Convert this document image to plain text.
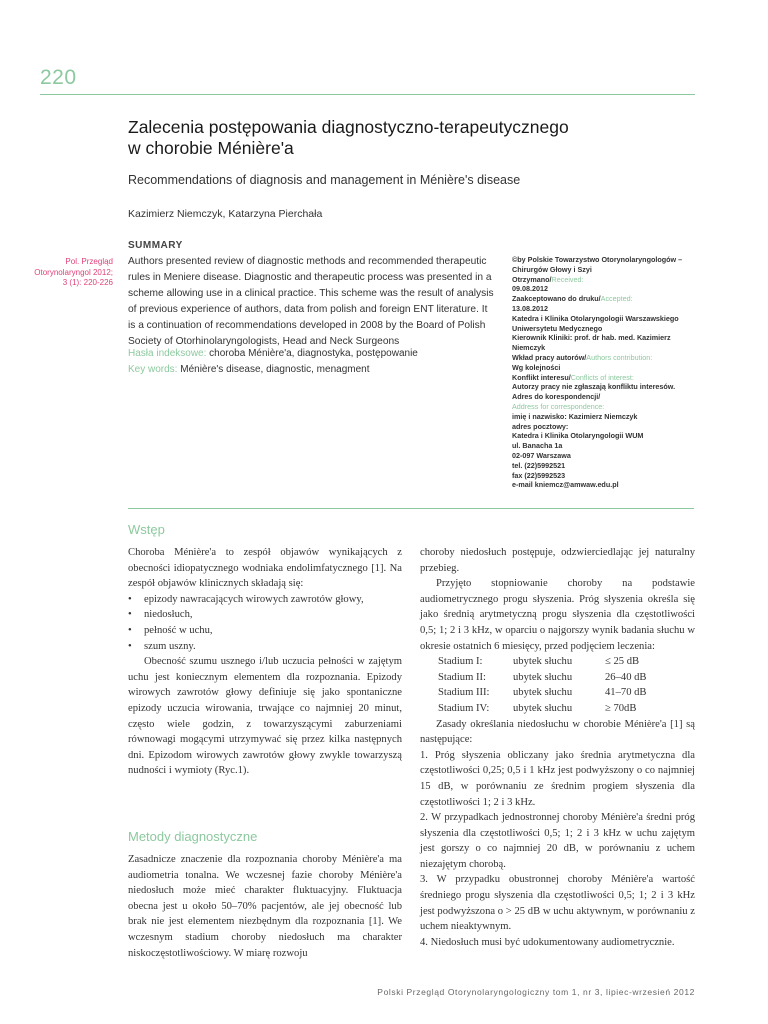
220
Zalecenia postępowania diagnostyczno-terapeutycznego
w chorobie Ménière'a
Recommendations of diagnosis and management in Ménière's disease
Kazimierz Niemczyk, Katarzyna Pierchała
Pol. Przegląd
Otorynolaryngol 2012;
3 (1): 220-226
SUMMARY
Authors presented review of diagnostic methods and recommended therapeutic rules in Meniere disease. Diagnostic and therapeutic process was presented in a scheme allowing use in a clinical practice. This scheme was the result of analysis of previous experience of authors, data from polish and foreign ENT literature. It is a continuation of recommendations developed in 2008 by the Board of Polish Society of Otorhinolaryngologists, Head and Neck Surgeons
Hasła indeksowe: choroba Ménière'a, diagnostyka, postępowanie
Key words: Ménière's disease, diagnostic, menagment
©by Polskie Towarzystwo Otorynolaryngologów – Chirurgów Głowy i Szyi
Otrzymano/Received:
09.08.2012
Zaakceptowano do druku/Accepted:
13.08.2012
Katedra i Klinika Otolaryngologii Warszawskiego Uniwersytetu Medycznego
Kierownik Kliniki: prof. dr hab. med. Kazimierz Niemczyk
Wkład pracy autorów/Authors contribution:
Wg kolejności
Konflikt interesu/Conflicts of interest:
Autorzy pracy nie zgłaszają konfliktu interesów.
Adres do korespondencji/
Address for correspondence:
imię i nazwisko: Kazimierz Niemczyk
adres pocztowy:
Katedra i Klinika Otolaryngologii WUM
ul. Banacha 1a
02-097 Warszawa
tel. (22)5992521
fax (22)5992523
e-mail kniemcz@amwaw.edu.pl
Wstęp

Choroba Ménière'a to zespół objawów wynikających z obecności idiopatycznego wodniaka endolimfatycznego [1]. Na zespół objawów klinicznych składają się:

• epizody nawracających wirowych zawrotów głowy,
• niedosłuch,
• pełność w uchu,
• szum uszny.

Obecność szumu usznego i/lub uczucia pełności w zajętym uchu jest koniecznym elementem dla rozpoznania. Epizody wirowych zawrotów głowy definiuje się jako spontaniczne epizody uczucia wirowania, trwające co najmniej 20 minut, często wiele godzin, z towarzyszącymi zaburzeniami równowagi mogącymi utrzymywać się przez kilka następnych dni. Epizodom wirowych zawrotów głowy zwykle towarzyszą nudności i wymioty (Ryc.1).

Metody diagnostyczne

Zasadnicze znaczenie dla rozpoznania choroby Ménière'a ma audiometria tonalna. We wczesnej fazie choroby Ménière'a niedosłuch może mieć charakter fluktuacyjny. Fluktuacja obecna jest u około 50–70% pacjentów, ale jej obecność lub brak nie jest elementem niezbędnym dla rozpoznania [1]. We wczesnym stadium choroby niedosłuch ma charakter niskoczęstotliwościowy. W miarę rozwoju

choroby niedosłuch postępuje, odzwierciedlając jej naturalny przebieg.

Przyjęto stopniowanie choroby na podstawie audiometrycznego progu słyszenia. Próg słyszenia określa się jako średnią arytmetyczną progu słyszenia dla częstotliwości 0,5; 1; 2 i 3 kHz, w oparciu o najgorszy wynik badania słuchu w okresie ostatnich 6 miesięcy, przed podjęciem leczenia:

Stadium I:	ubytek słuchu	≤ 25 dB
Stadium II:	ubytek słuchu	26–40 dB
Stadium III:	ubytek słuchu	41–70 dB
Stadium IV:	ubytek słuchu	≥ 70dB

Zasady określania niedosłuchu w chorobie Ménière'a [1] są następujące:

1. Próg słyszenia obliczany jako średnia arytmetyczna dla częstotliwości 0,25; 0,5 i 1 kHz jest podwyższony o co najmniej 15 dB, w porównaniu ze średnim progiem słyszenia dla częstotliwości 1; 2 i 3 kHz.

2. W przypadkach jednostronnej choroby Ménière'a średni próg słyszenia dla częstotliwości 0,5; 1; 2 i 3 kHz w uchu zajętym jest gorszy o co najmniej 20 dB, w porównaniu z uchem niezajętym chorobą.

3. W przypadku obustronnej choroby Ménière'a wartość średniego progu słyszenia dla częstotliwości 0,5; 1; 2 i 3 kHz jest podwyższona o > 25 dB w uchu aktywnym, w porównaniu z uchem nieaktywnym.

4. Niedosłuch musi być udokumentowany audiometrycznie.

Polski Przegląd Otorynolaryngologiczny tom 1, nr 3, lipiec-wrzesień 2012
